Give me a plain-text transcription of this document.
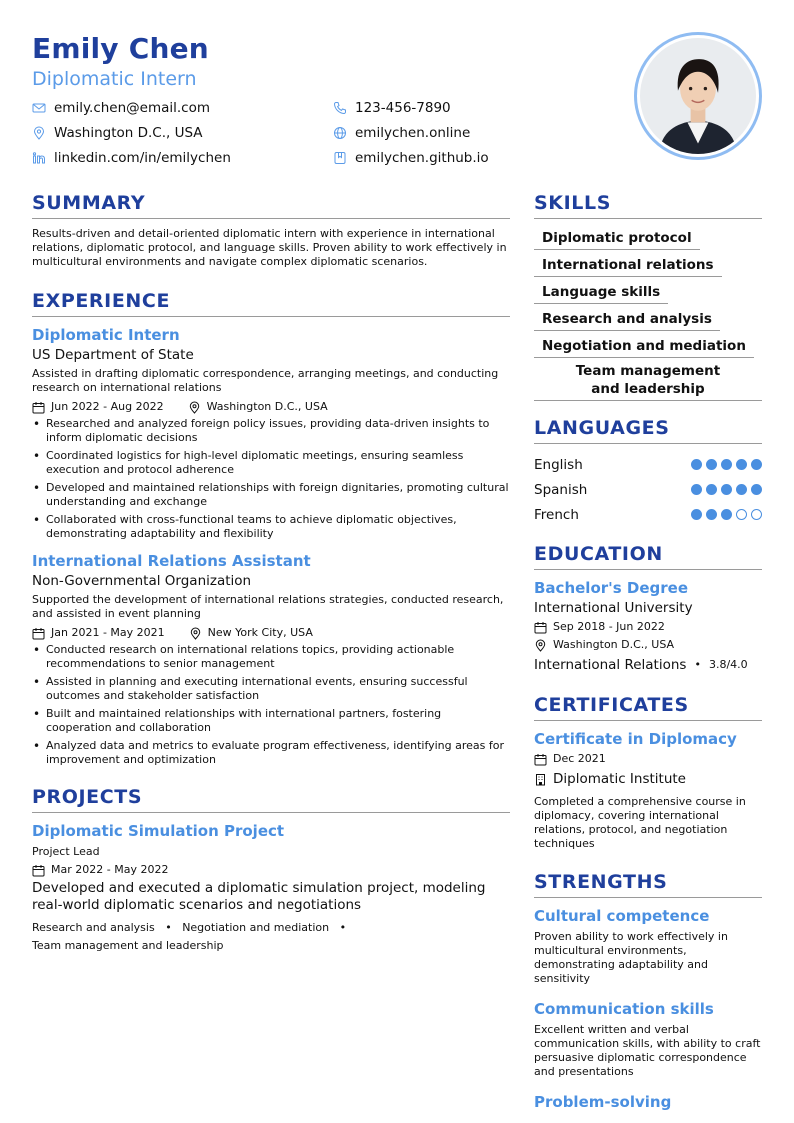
Emily Chen
Diplomatic Intern
emily.chen@email.com	123-456-7890
Washington D.C., USA	emilychen.online
linkedin.com/in/emilychen	emilychen.github.io
SUMMARY
Results-driven and detail-oriented diplomatic intern with experience in international relations, diplomatic protocol, and language skills. Proven ability to work effectively in multicultural environments and navigate complex diplomatic scenarios.
EXPERIENCE
Diplomatic Intern
US Department of State
Assisted in drafting diplomatic correspondence, arranging meetings, and conducting research on international relations
Jun 2022 - Aug 2022	Washington D.C., USA
• Researched and analyzed foreign policy issues, providing data-driven insights to inform diplomatic decisions
• Coordinated logistics for high-level diplomatic meetings, ensuring seamless execution and protocol adherence
• Developed and maintained relationships with foreign dignitaries, promoting cultural understanding and exchange
• Collaborated with cross-functional teams to achieve diplomatic objectives, demonstrating adaptability and flexibility
International Relations Assistant
Non-Governmental Organization
Supported the development of international relations strategies, conducted research, and assisted in event planning
Jan 2021 - May 2021	New York City, USA
• Conducted research on international relations topics, providing actionable recommendations to senior management
• Assisted in planning and executing international events, ensuring successful outcomes and stakeholder satisfaction
• Built and maintained relationships with international partners, fostering cooperation and collaboration
• Analyzed data and metrics to evaluate program effectiveness, identifying areas for improvement and optimization
PROJECTS
Diplomatic Simulation Project
Project Lead
Mar 2022 - May 2022
Developed and executed a diplomatic simulation project, modeling real-world diplomatic scenarios and negotiations
Research and analysis • Negotiation and mediation •
Team management and leadership
SKILLS
Diplomatic protocol
International relations
Language skills
Research and analysis
Negotiation and mediation
Team management and leadership
LANGUAGES
English
Spanish
French
EDUCATION
Bachelor's Degree
International University
Sep 2018 - Jun 2022
Washington D.C., USA
International Relations • 3.8/4.0
CERTIFICATES
Certificate in Diplomacy
Dec 2021
Diplomatic Institute
Completed a comprehensive course in diplomacy, covering international relations, protocol, and negotiation techniques
STRENGTHS
Cultural competence
Proven ability to work effectively in multicultural environments, demonstrating adaptability and sensitivity
Communication skills
Excellent written and verbal communication skills, with ability to craft persuasive diplomatic correspondence and presentations
Problem-solving
